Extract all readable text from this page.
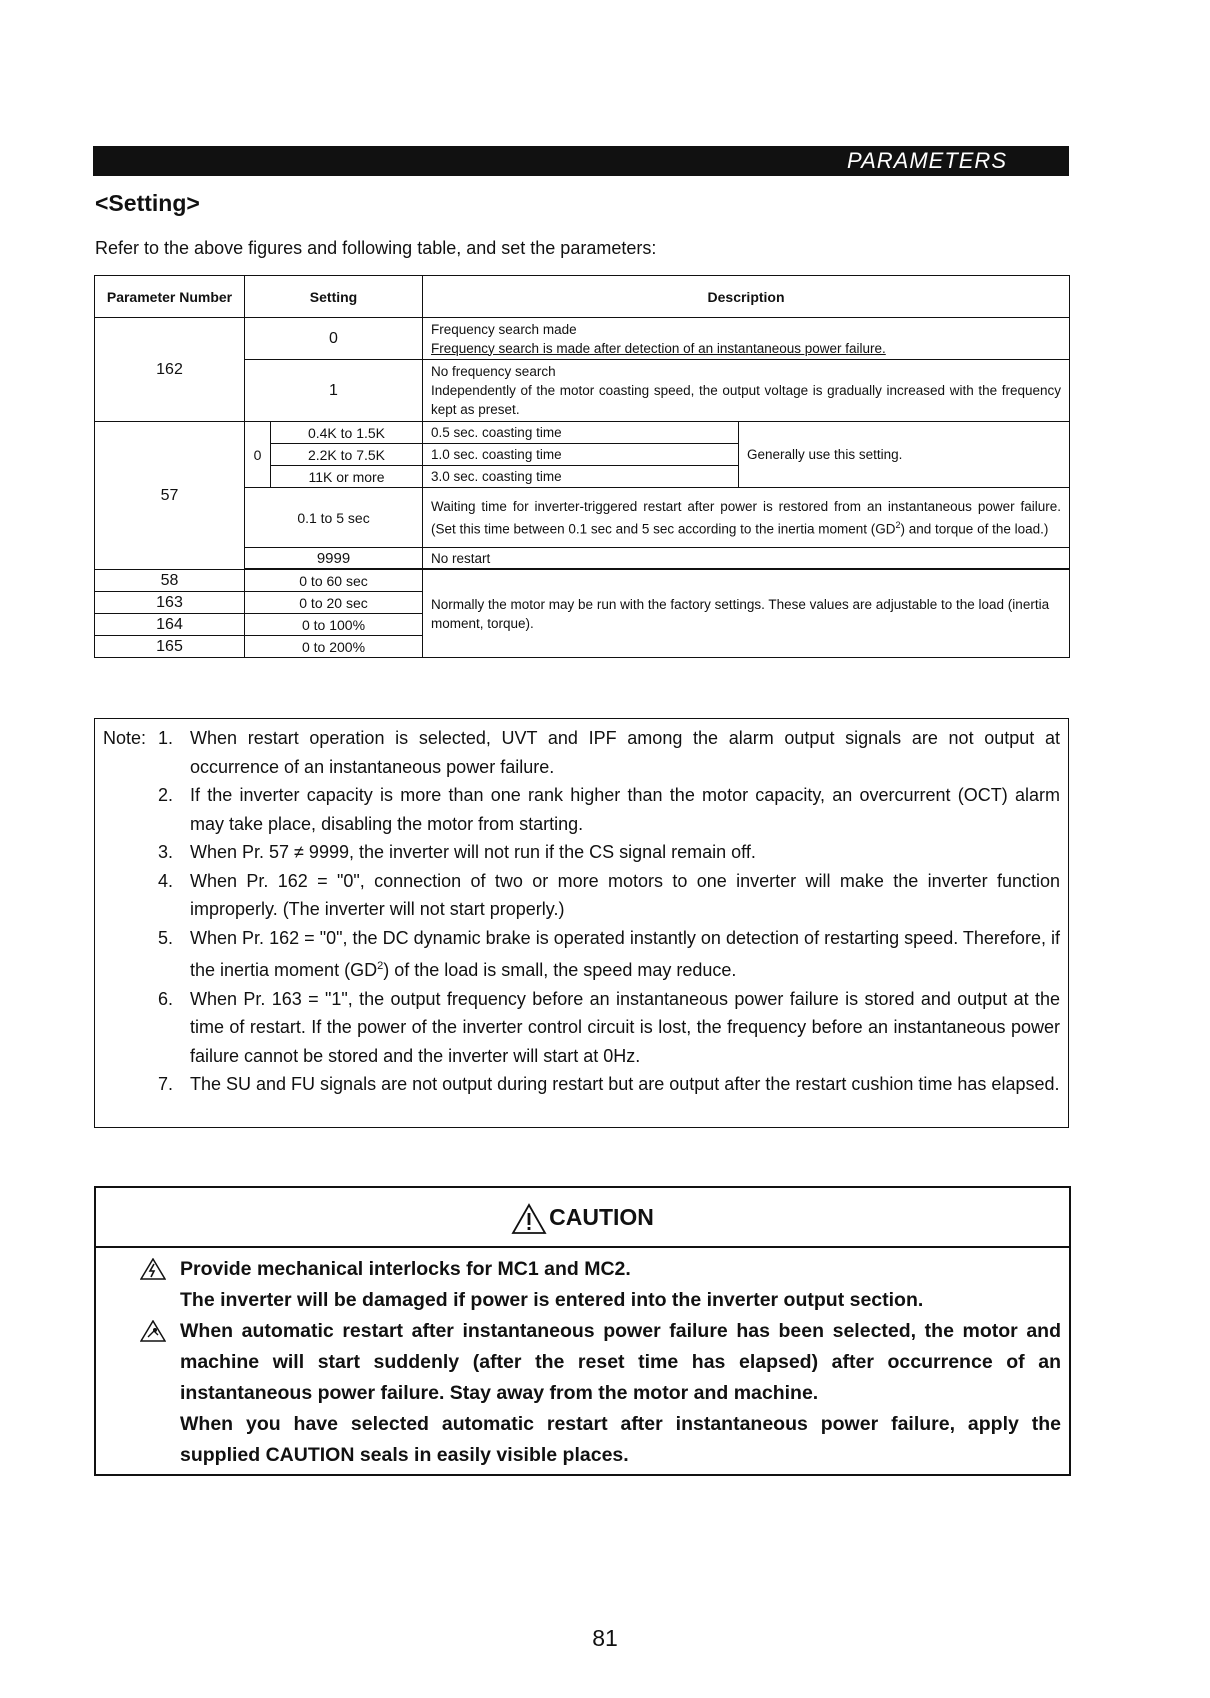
PARAMETERS
<Setting>
Refer to the above figures and following table, and set the parameters:
Parameter Number	Setting		Description	
162	0		Frequency search made
Frequency search is made after detection of an instantaneous power failure.	

	1		No frequency search
Independently of the motor coasting speed, the output voltage is gradually increased with the frequency kept as preset.	

57	0	0.4K to 1.5K	0.5 sec. coasting time	Generally use this setting.
		2.2K to 7.5K	1.0 sec. coasting time	
		11K or more	3.0 sec. coasting time	
	0.1 to 5 sec		Waiting time for inverter-triggered restart after power is restored from an instantaneous power failure. (Set this time between 0.1 sec and 5 sec according to the inertia moment $(GD^2)$ and torque of the load.)	
	9999		No restart	

58	0 to 60 sec		Normally the motor may be run with the factory settings. These values are adjustable to the load (inertia moment, torque).	
163	0 to 20 sec			
164	0 to 100%			
165	0 to 200%			
Note: 1. When restart operation is selected, UVT and IPF among the alarm output signals are not output at occurrence of an instantaneous power failure.
2. If the inverter capacity is more than one rank higher than the motor capacity, an overcurrent (OCT) alarm may take place, disabling the motor from starting.
3. When Pr. 57 ≠ 9999, the inverter will not run if the CS signal remain off.
4. When Pr. 162 = "0", connection of two or more motors to one inverter will make the inverter function improperly. (The inverter will not start properly.)
5. When Pr. 162 = "0", the DC dynamic brake is operated instantly on detection of restarting speed. Therefore, if the inertia moment $(GD^2)$ of the load is small, the speed may reduce.
6. When Pr. 163 = "1", the output frequency before an instantaneous power failure is stored and output at the time of restart. If the power of the inverter control circuit is lost, the frequency before an instantaneous power failure cannot be stored and the inverter will start at 0Hz.
7. The SU and FU signals are not output during restart but are output after the restart cushion time has elapsed.
CAUTION
Provide mechanical interlocks for MC1 and MC2.
The inverter will be damaged if power is entered into the inverter output section.
When automatic restart after instantaneous power failure has been selected, the motor and machine will start suddenly (after the reset time has elapsed) after occurrence of an instantaneous power failure. Stay away from the motor and machine.
When you have selected automatic restart after instantaneous power failure, apply the supplied CAUTION seals in easily visible places.
81
